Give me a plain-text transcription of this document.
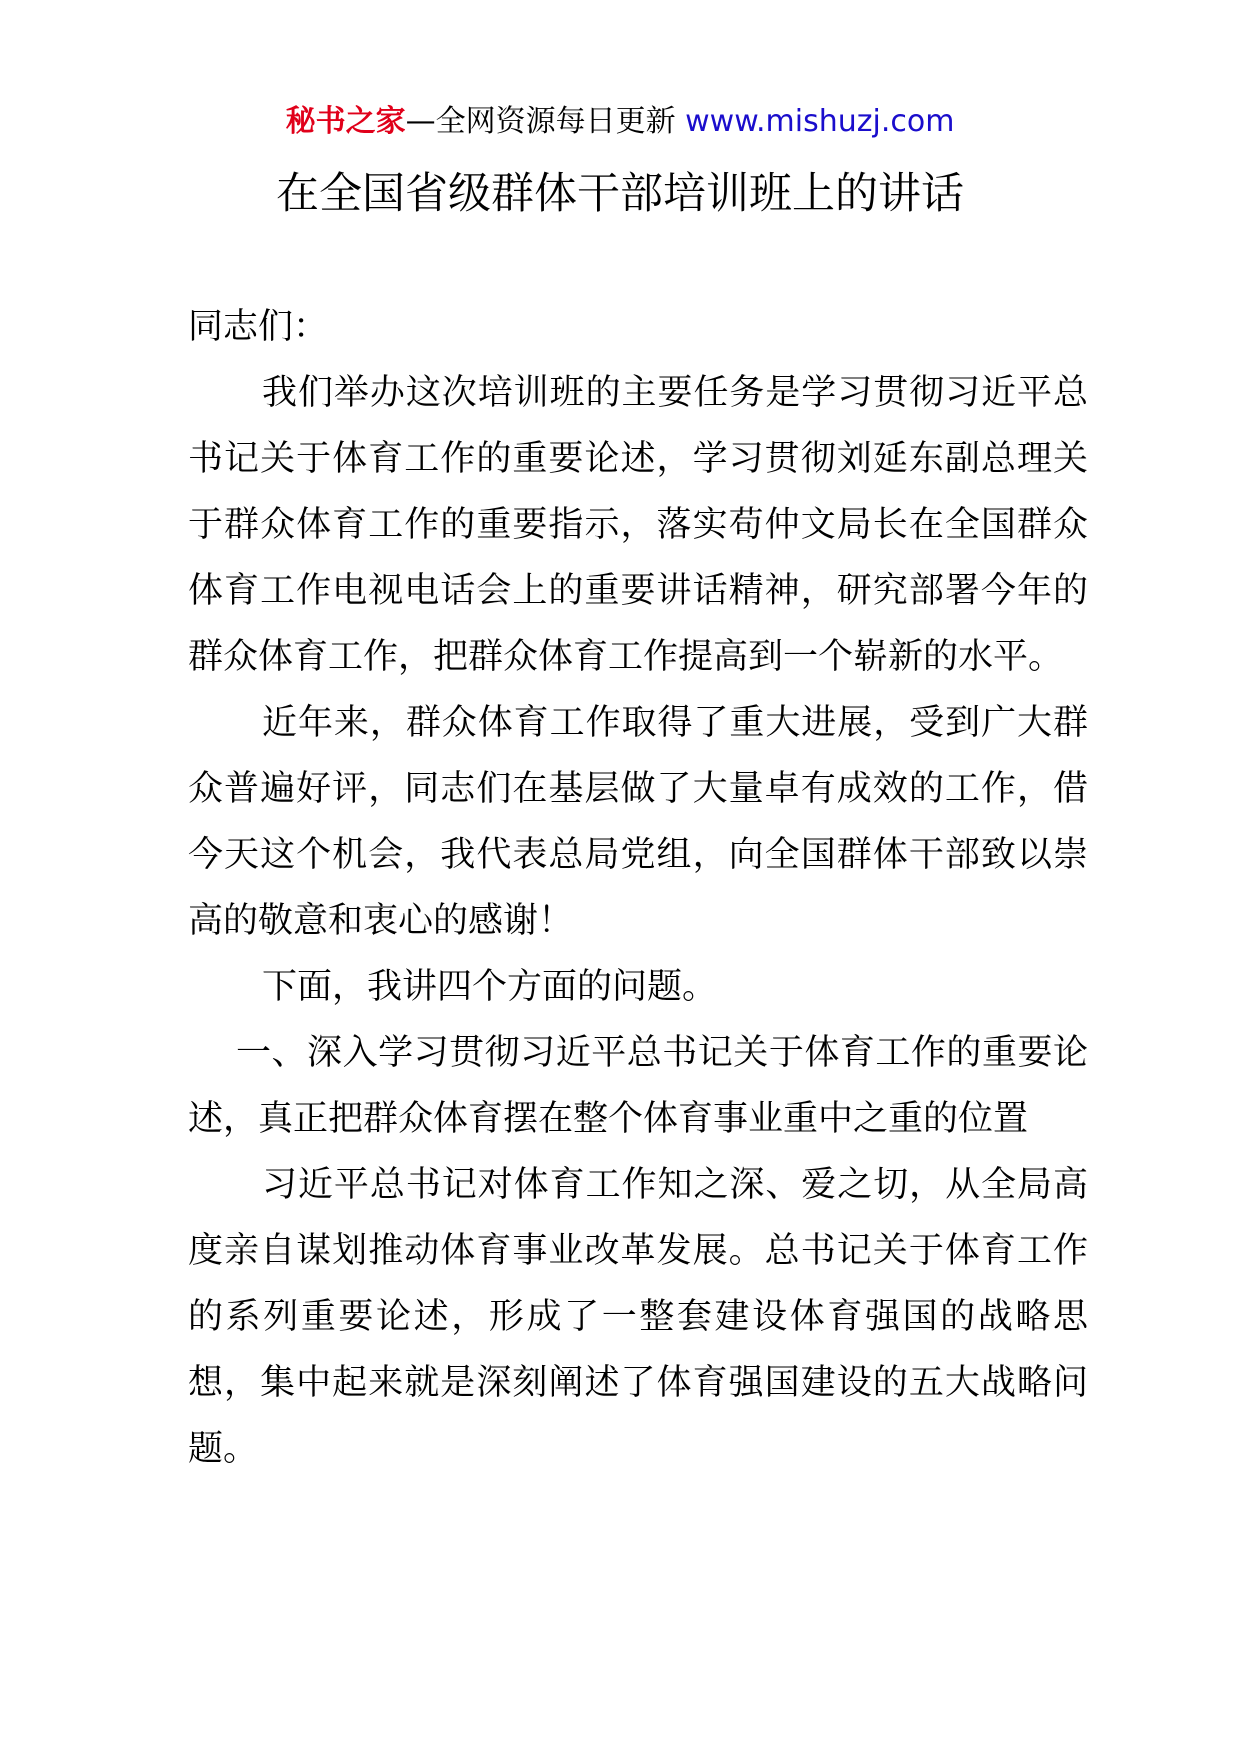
秘书之家—全网资源每日更新 www.mishuzj.com
在全国省级群体干部培训班上的讲话

同志们：

我们举办这次培训班的主要任务是学习贯彻习近平总书记关于体育工作的重要论述，学习贯彻刘延东副总理关于群众体育工作的重要指示，落实苟仲文局长在全国群众体育工作电视电话会上的重要讲话精神，研究部署今年的群众体育工作，把群众体育工作提高到一个崭新的水平。

近年来，群众体育工作取得了重大进展，受到广大群众普遍好评，同志们在基层做了大量卓有成效的工作，借今天这个机会，我代表总局党组，向全国群体干部致以崇高的敬意和衷心的感谢！

下面，我讲四个方面的问题。

一、深入学习贯彻习近平总书记关于体育工作的重要论述，真正把群众体育摆在整个体育事业重中之重的位置

习近平总书记对体育工作知之深、爱之切，从全局高度亲自谋划推动体育事业改革发展。总书记关于体育工作的系列重要论述，形成了一整套建设体育强国的战略思想，集中起来就是深刻阐述了体育强国建设的五大战略问题。
